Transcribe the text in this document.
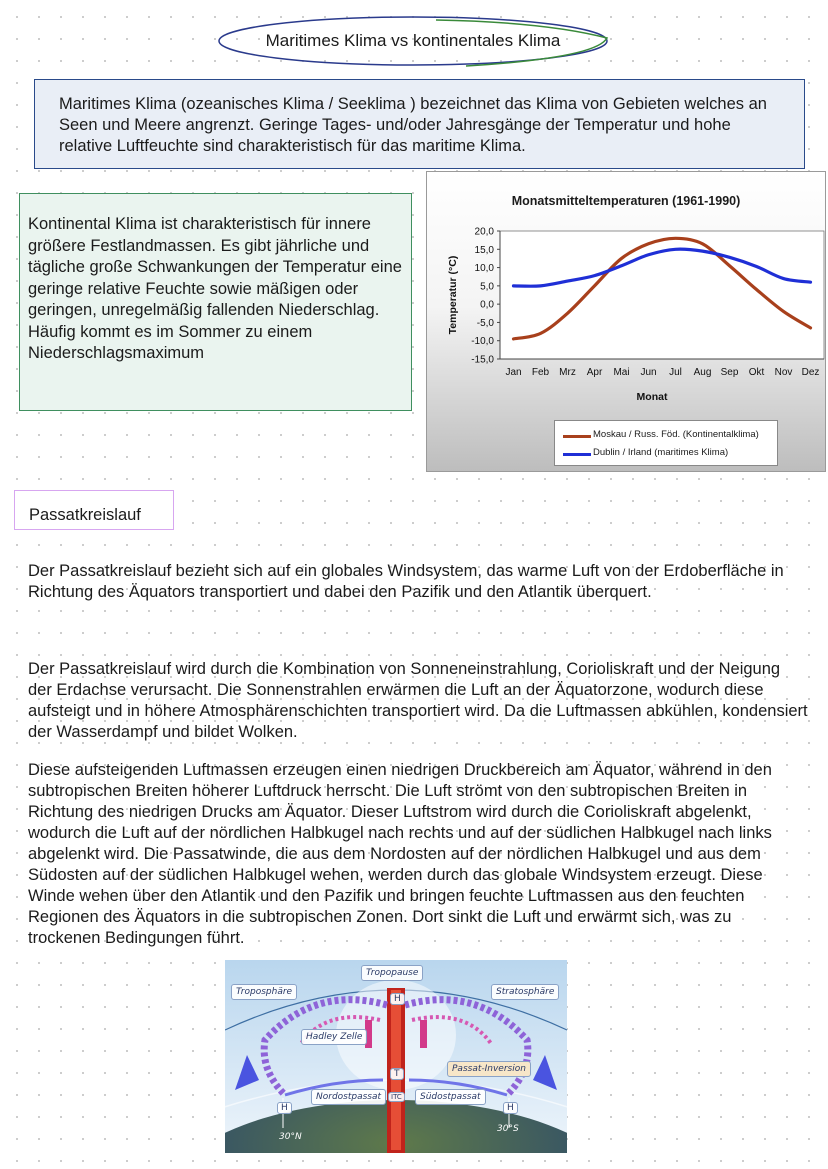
Maritimes Klima vs kontinentales Klima
Maritimes Klima (ozeanisches Klima / Seeklima ) bezeichnet das Klima von Gebieten welches an Seen und Meere angrenzt. Geringe Tages- und/oder Jahresgänge der Temperatur und hohe relative Luftfeuchte sind charakteristisch für das maritime Klima.
Kontinental Klima ist charakteristisch für innere größere Festlandmassen. Es gibt jährliche und tägliche große Schwankungen der Temperatur eine geringe relative Feuchte sowie mäßigen oder geringen, unregelmäßig fallenden Niederschlag. Häufig kommt es im Sommer zu einem Niederschlagsmaximum
Monatsmitteltemperaturen (1961-1990)
20,0
15,0
10,0
5,0
0,0
-5,0
-10,0
-15,0
Jan Feb Mrz Apr Mai Jun Jul Aug Sep Okt Nov Dez
Monat
Temperatur (°C)
Moskau / Russ. Föd. (Kontinentalklima)
Dublin / Irland (maritimes Klima)
Passatkreislauf
Der Passatkreislauf bezieht sich auf ein globales Windsystem, das warme Luft von der Erdoberfläche in Richtung des Äquators transportiert und dabei den Pazifik und den Atlantik überquert.
Der Passatkreislauf wird durch die Kombination von Sonneneinstrahlung, Corioliskraft und der Neigung der Erdachse verursacht. Die Sonnenstrahlen erwärmen die Luft an der Äquatorzone, wodurch diese aufsteigt und in höhere Atmosphärenschichten transportiert wird. Da die Luftmassen abkühlen, kondensiert der Wasserdampf und bildet Wolken.
Diese aufsteigenden Luftmassen erzeugen einen niedrigen Druckbereich am Äquator, während in den subtropischen Breiten höherer Luftdruck herrscht. Die Luft strömt von den subtropischen Breiten in Richtung des niedrigen Drucks am Äquator. Dieser Luftstrom wird durch die Corioliskraft abgelenkt, wodurch die Luft auf der nördlichen Halbkugel nach rechts und auf der südlichen Halbkugel nach links abgelenkt wird. Die Passatwinde, die aus dem Nordosten auf der nördlichen Halbkugel und aus dem Südosten auf der südlichen Halbkugel wehen, werden durch das globale Windsystem erzeugt. Diese Winde wehen über den Atlantik und den Pazifik und bringen feuchte Luftmassen aus den feuchten Regionen des Äquators in die subtropischen Zonen. Dort sinkt die Luft und erwärmt sich, was zu trockenen Bedingungen führt.
Tropopause
Troposphäre	Stratosphäre
Hadley Zelle
Passat-Inversion
Nordostpassat	Südostpassat
30°N
30°S
H
H	H
T
ITC
